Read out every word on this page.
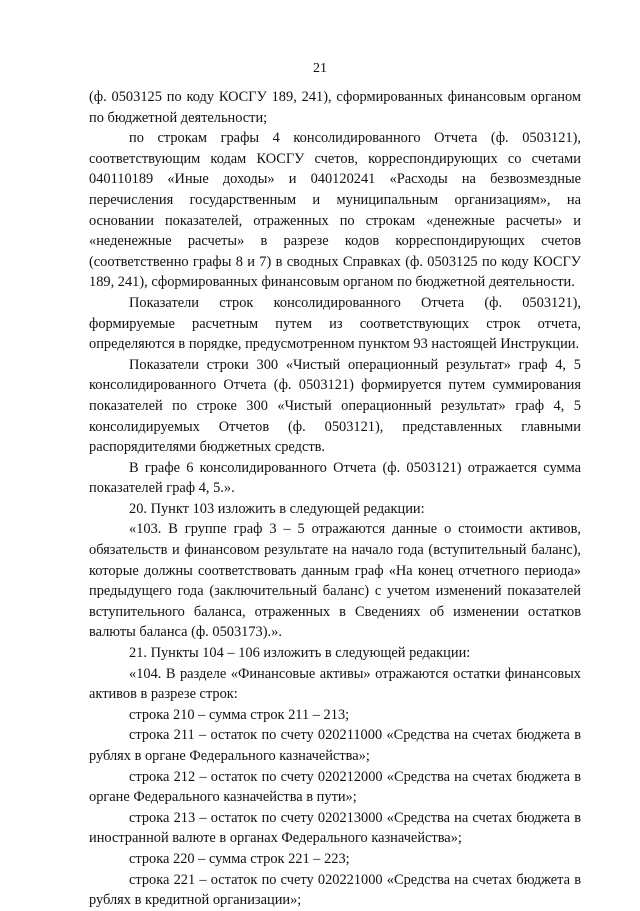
21

(ф. 0503125 по коду КОСГУ 189, 241), сформированных финансовым органом по бюджетной деятельности;

по строкам графы 4 консолидированного Отчета (ф. 0503121), соответствующим кодам КОСГУ счетов, корреспондирующих со счетами 040110189 «Иные доходы» и 040120241 «Расходы на безвозмездные перечисления государственным и муниципальным организациям», на основании показателей, отраженных по строкам «денежные расчеты» и «неденежные расчеты» в разрезе кодов корреспондирующих счетов (соответственно графы 8 и 7) в сводных Справках (ф. 0503125 по коду КОСГУ 189, 241), сформированных финансовым органом по бюджетной деятельности.

Показатели строк консолидированного Отчета (ф. 0503121), формируемые расчетным путем из соответствующих строк отчета, определяются в порядке, предусмотренном пунктом 93 настоящей Инструкции.

Показатели строки 300 «Чистый операционный результат» граф 4, 5 консолидированного Отчета (ф. 0503121) формируется путем суммирования показателей по строке 300 «Чистый операционный результат» граф 4, 5 консолидируемых Отчетов (ф. 0503121), представленных главными распорядителями бюджетных средств.

В графе 6 консолидированного Отчета (ф. 0503121) отражается сумма показателей граф 4, 5.».

20. Пункт 103 изложить в следующей редакции:

«103. В группе граф 3 – 5 отражаются данные о стоимости активов, обязательств и финансовом результате на начало года (вступительный баланс), которые должны соответствовать данным граф «На конец отчетного периода» предыдущего года (заключительный баланс) с учетом изменений показателей вступительного баланса, отраженных в Сведениях об изменении остатков валюты баланса (ф. 0503173).».

21. Пункты 104 – 106 изложить в следующей редакции:

«104. В разделе «Финансовые активы» отражаются остатки финансовых активов в разрезе строк:

строка 210 – сумма строк 211 – 213;

строка 211 – остаток по счету 020211000 «Средства на счетах бюджета в рублях в органе Федерального казначейства»;

строка 212 – остаток по счету 020212000 «Средства на счетах бюджета в органе Федерального казначейства в пути»;

строка 213 – остаток по счету 020213000 «Средства на счетах бюджета в иностранной валюте в органах Федерального казначейства»;

строка 220 – сумма строк 221 – 223;

строка 221 – остаток по счету 020221000 «Средства на счетах бюджета в рублях в кредитной организации»;
